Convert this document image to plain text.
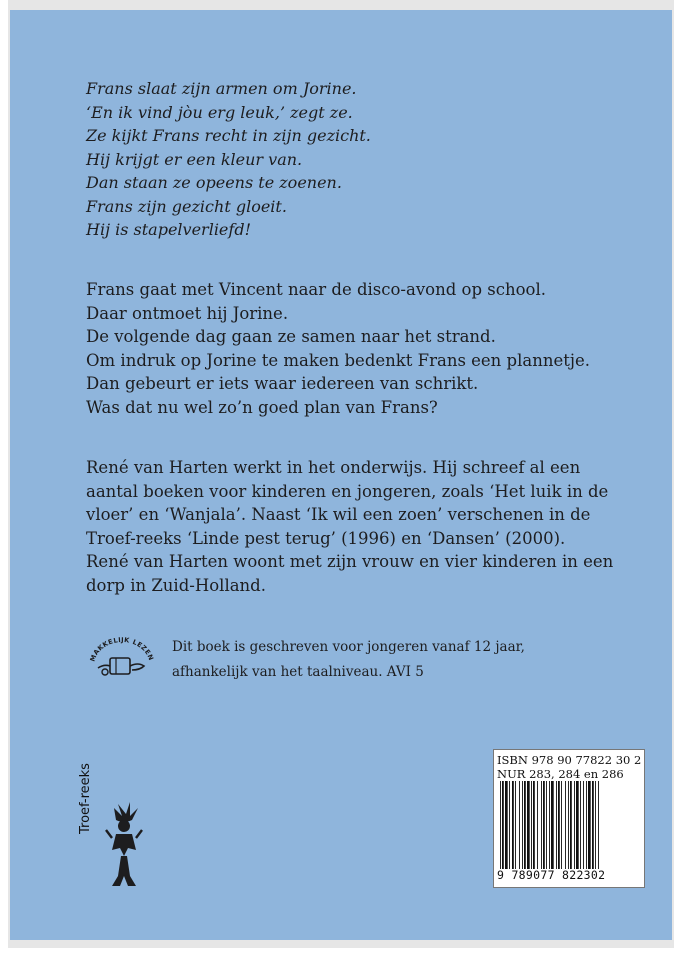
Frans slaat zijn armen om Jorine.
‘En ik vind jòu erg leuk,’ zegt ze.
Ze kijkt Frans recht in zijn gezicht.
Hij krijgt er een kleur van.
Dan staan ze opeens te zoenen.
Frans zijn gezicht gloeit.
Hij is stapelverliefd!
Frans gaat met Vincent naar de disco-avond op school.
Daar ontmoet hij Jorine.
De volgende dag gaan ze samen naar het strand.
Om indruk op Jorine te maken bedenkt Frans een plannetje.
Dan gebeurt er iets waar iedereen van schrikt.
Was dat nu wel zo’n goed plan van Frans?
René van Harten werkt in het onderwijs. Hij schreef al een
aantal boeken voor kinderen en jongeren, zoals ‘Het luik in de
vloer’ en ‘Wanjala’. Naast ‘Ik wil een zoen’ verschenen in de
Troef-reeks ‘Linde pest terug’ (1996) en ‘Dansen’ (2000).
René van Harten woont met zijn vrouw en vier kinderen in een
dorp in Zuid-Holland.
MAKKELIJK LEZEN
Dit boek is geschreven voor jongeren vanaf 12 jaar,
afhankelijk van het taalniveau. AVI 5
ISBN 978 90 77822 30 2
NUR 283, 284 en 286
9 789077 822302
Troef-reeks
